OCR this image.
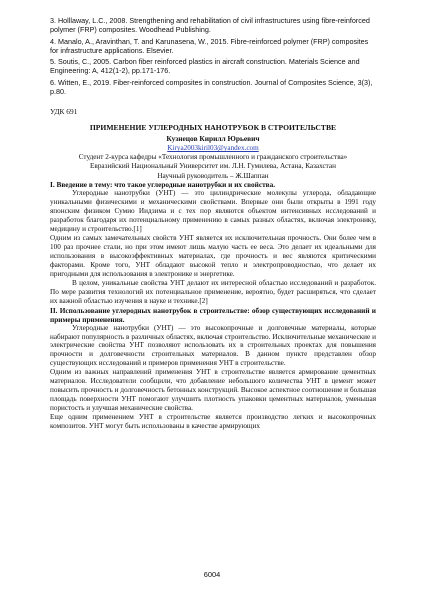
3. Holllaway, L.C., 2008. Strengthening and rehabilitation of civil infrastructures using fibre-reinforced polymer (FRP) composites. Woodhead Publishing.

4. Manalo, A., Aravinthan, T. and Karunasena, W., 2015. Fibre-reinforced polymer (FRP) composites for infrastructure applications. Elsevier.

5. Soutis, C., 2005. Carbon fiber reinforced plastics in aircraft construction. Materials Science and Engineering: A, 412(1-2), pp.171-176.

6. Witten, E., 2019. Fiber-reinforced composites in construction. Journal of Composites Science, 3(3), p.80.

УДК 691

ПРИМЕНЕНИЕ УГЛЕРОДНЫХ НАНОТРУБОК В СТРОИТЕЛЬСТВЕ

Кузнецов Кирилл Юрьевич

Kirya2003kiril03@yandex.com

Студент 2-курса кафедры «Технология промышленного и гражданского строительства» Евразийский Национальный Университет им. Л.Н. Гумилева, Астана, Казахстан

Научный руководитель – Ж.Шаппан

I. Введение в тему: что такое углеродные нанотрубки и их свойства.

Углеродные нанотрубки (УНТ) — это цилиндрические молекулы углерода, обладающие уникальными физическими и механическими свойствами. Впервые они были открыты в 1991 году японским физиком Сумио Иидзима и с тех пор являются объектом интенсивных исследований и разработок благодаря их потенциальному применению в самых разных областях, включая электронику, медицину и строительство.[1]

Одним из самых замечательных свойств УНТ является их исключительная прочность. Они более чем в 100 раз прочнее стали, но при этом имеют лишь малую часть ее веса. Это делает их идеальными для использования в высокоэффективных материалах, где прочность и вес являются критическими факторами. Кроме того, УНТ обладают высокой тепло и электропроводностью, что делает их пригодными для использования в электронике и энергетике.

В целом, уникальные свойства УНТ делают их интересной областью исследований и разработок. По мере развития технологий их потенциальное применение, вероятно, будет расширяться, что сделает их важной областью изучения в науке и технике.[2]

II. Использование углеродных нанотрубок в строительстве: обзор существующих исследований и примеры применения.

Углеродные нанотрубки (УНТ) — это высокопрочные и долговечные материалы, которые набирают популярность в различных областях, включая строительство. Исключительные механические и электрические свойства УНТ позволяют использовать их в строительных проектах для повышения прочности и долговечности строительных материалов. В данном пункте представлен обзор существующих исследований и примеров применения УНТ в строительстве.

Одним из важных направлений применения УНТ в строительстве является армирование цементных материалов. Исследователи сообщили, что добавление небольшого количества УНТ в цемент может повысить прочность и долговечность бетонных конструкций. Высокое аспектное соотношение и большая площадь поверхности УНТ помогают улучшить плотность упаковки цементных материалов, уменьшая пористость и улучшая механические свойства.

Еще одним применением УНТ в строительстве является производство легких и высокопрочных композитов. УНТ могут быть использованы в качестве армирующих

6004
